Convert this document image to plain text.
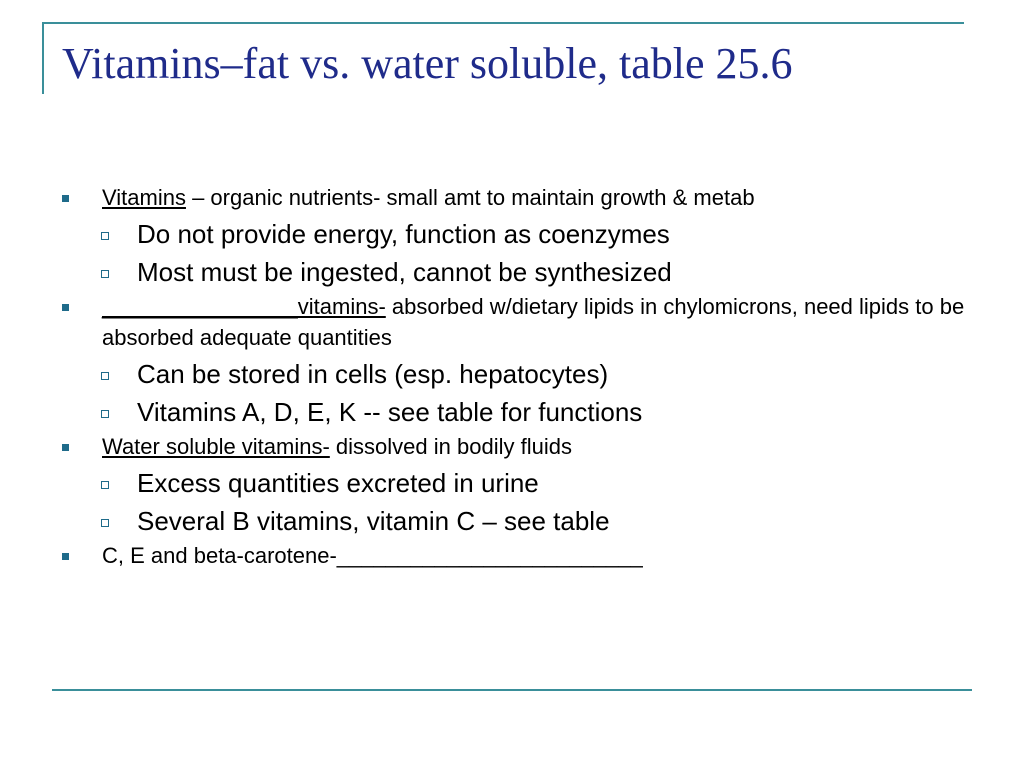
Vitamins–fat vs. water soluble, table 25.6
Vitamins – organic nutrients- small amt to maintain growth & metab
Do not provide energy, function as coenzymes
Most must be ingested, cannot be synthesized
________________vitamins- absorbed w/dietary lipids in chylomicrons, need lipids to be absorbed adequate quantities
Can be stored in cells (esp. hepatocytes)
Vitamins A, D, E, K -- see table for functions
Water soluble vitamins- dissolved in bodily fluids
Excess quantities excreted in urine
Several B vitamins, vitamin C – see table
C, E and beta-carotene-_________________________
